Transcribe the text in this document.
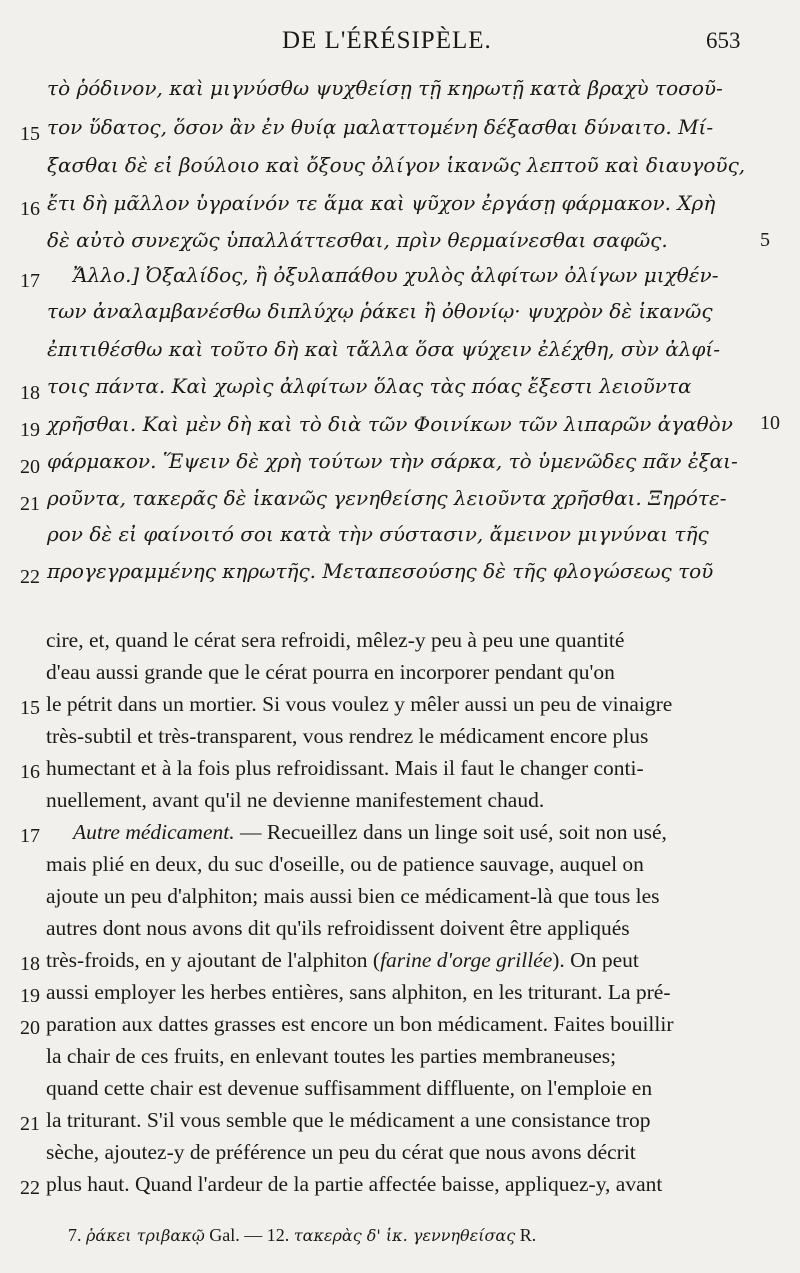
DE L'ÉRÉSIPÈLE.	653
τὸ ῥόδινον, καὶ μιγνύσθω ψυχθείσῃ τῇ κηρωτῇ κατὰ βραχὺ τοσοῦ-
τον ὕδατος, ὅσον ἂν ἐν θυίᾳ μαλαττομένη δέξασθαι δύναιτο. Μί-
ξασθαι δὲ εἰ βούλοιο καὶ ὄξους ὀλίγον ἱκανῶς λεπτοῦ καὶ διαυγοῦς,
ἔτι δὴ μᾶλλον ὑγραίνόν τε ἅμα καὶ ψῦχον ἐργάσῃ φάρμακον. Χρὴ
δὲ αὐτὸ συνεχῶς ὑπαλλάττεσθαι, πρὶν θερμαίνεσθαι σαφῶς.
Ἄλλο.] Ὀξαλίδος, ἢ ὀξυλαπάθου χυλὸς ἀλφίτων ὀλίγων μιχθέν-
των ἀναλαμβανέσθω διπλύχῳ ῥάκει ἢ ὀθονίῳ· ψυχρὸν δὲ ἱκανῶς
ἐπιτιθέσθω καὶ τοῦτο δὴ καὶ τἄλλα ὅσα ψύχειν ἐλέχθη, σὺν ἀλφί-
τοις πάντα. Καὶ χωρὶς ἀλφίτων ὅλας τὰς πόας ἔξεστι λειοῦντα
χρῆσθαι. Καὶ μὲν δὴ καὶ τὸ διὰ τῶν Φοινίκων τῶν λιπαρῶν ἀγαθὸν
φάρμακον. Ἕψειν δὲ χρὴ τούτων τὴν σάρκα, τὸ ὑμενῶδες πᾶν ἐξαι-
ροῦντα, τακερᾶς δὲ ἱκανῶς γενηθείσης λειοῦντα χρῆσθαι. Ξηρότε-
ρον δὲ εἰ φαίνοιτό σοι κατὰ τὴν σύστασιν, ἄμεινον μιγνύναι τῆς
προγεγραμμένης κηρωτῆς. Μεταπεσούσης δὲ τῆς φλογώσεως τοῦ
15
16
17
18
19
20
21
22
5
10
cire, et, quand le cérat sera refroidi, mêlez-y peu à peu une quantité
d'eau aussi grande que le cérat pourra en incorporer pendant qu'on
le pétrit dans un mortier. Si vous voulez y mêler aussi un peu de vinaigre
très-subtil et très-transparent, vous rendrez le médicament encore plus
humectant et à la fois plus refroidissant. Mais il faut le changer conti-
nuellement, avant qu'il ne devienne manifestement chaud.
Autre médicament. — Recueillez dans un linge soit usé, soit non usé,
mais plié en deux, du suc d'oseille, ou de patience sauvage, auquel on
ajoute un peu d'alphiton; mais aussi bien ce médicament-là que tous les
autres dont nous avons dit qu'ils refroidissent doivent être appliqués
très-froids, en y ajoutant de l'alphiton (farine d'orge grillée). On peut
aussi employer les herbes entières, sans alphiton, en les triturant. La pré-
paration aux dattes grasses est encore un bon médicament. Faites bouillir
la chair de ces fruits, en enlevant toutes les parties membraneuses;
quand cette chair est devenue suffisamment diffluente, on l'emploie en
la triturant. S'il vous semble que le médicament a une consistance trop
sèche, ajoutez-y de préférence un peu du cérat que nous avons décrit
plus haut. Quand l'ardeur de la partie affectée baisse, appliquez-y, avant
15
16
17
18
19
20
21
22
7. ῥάκει τριβακῷ Gal. — 12. τακερὰς δ' ἱκ. γεννηθείσας R.
